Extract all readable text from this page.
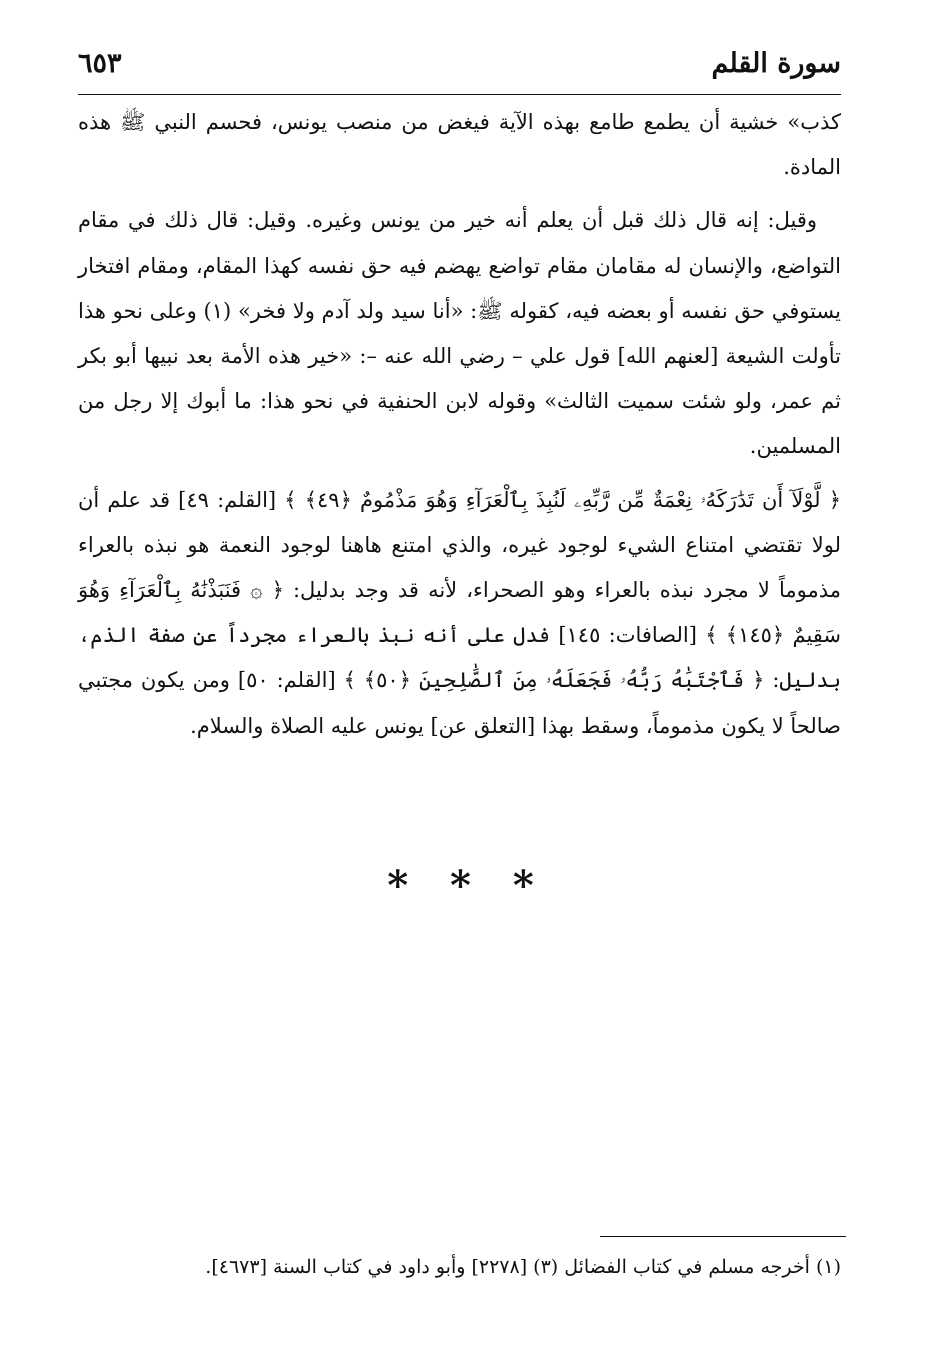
سورة القلم
٦٥٣

كذب» خشية أن يطمع طامع بهذه الآية فيغض من منصب يونس، فحسم النبي ﷺ هذه المادة.

وقيل: إنه قال ذلك قبل أن يعلم أنه خير من يونس وغيره. وقيل: قال ذلك في مقام التواضع، والإنسان له مقامان مقام تواضع يهضم فيه حق نفسه كهذا المقام، ومقام افتخار يستوفي حق نفسه أو بعضه فيه، كقوله ﷺ: «أنا سيد ولد آدم ولا فخر» (١) وعلى نحو هذا تأولت الشيعة [لعنهم الله] قول علي – رضي الله عنه –: «خير هذه الأمة بعد نبيها أبو بكر ثم عمر، ولو شئت سميت الثالث» وقوله لابن الحنفية في نحو هذا: ما أبوك إلا رجل من المسلمين.

﴿ لَّوْلَآ أَن تَدَٰرَكَهُۥ نِعْمَةٌ مِّن رَّبِّهِۦ لَنُبِذَ بِٱلْعَرَآءِ وَهُوَ مَذْمُومٌ ﴿٤٩﴾ ﴾ [القلم: ٤٩] قد علم أن لولا تقتضي امتناع الشيء لوجود غيره، والذي امتنع هاهنا لوجود النعمة هو نبذه بالعراء مذموماً لا مجرد نبذه بالعراء وهو الصحراء، لأنه قد وجد بدليل: ﴿ ۞ فَنَبَذْنَٰهُ بِٱلْعَرَآءِ وَهُوَ سَقِيمٌ ﴿١٤٥﴾ ﴾ [الصافات: ١٤٥] فدل على أنه نبذ بالعراء مجرداً عن صفة الذم، بدليل: ﴿ فَٱجْتَبَٰهُ رَبُّهُۥ فَجَعَلَهُۥ مِنَ ٱلصَّٰلِحِينَ ﴿٥٠﴾ ﴾ [القلم: ٥٠] ومن يكون مجتبي صالحاً لا يكون مذموماً، وسقط بهذا [التعلق عن] يونس عليه الصلاة والسلام.

* * *
(١) أخرجه مسلم في كتاب الفضائل (٣) [٢٢٧٨] وأبو داود في كتاب السنة [٤٦٧٣].
